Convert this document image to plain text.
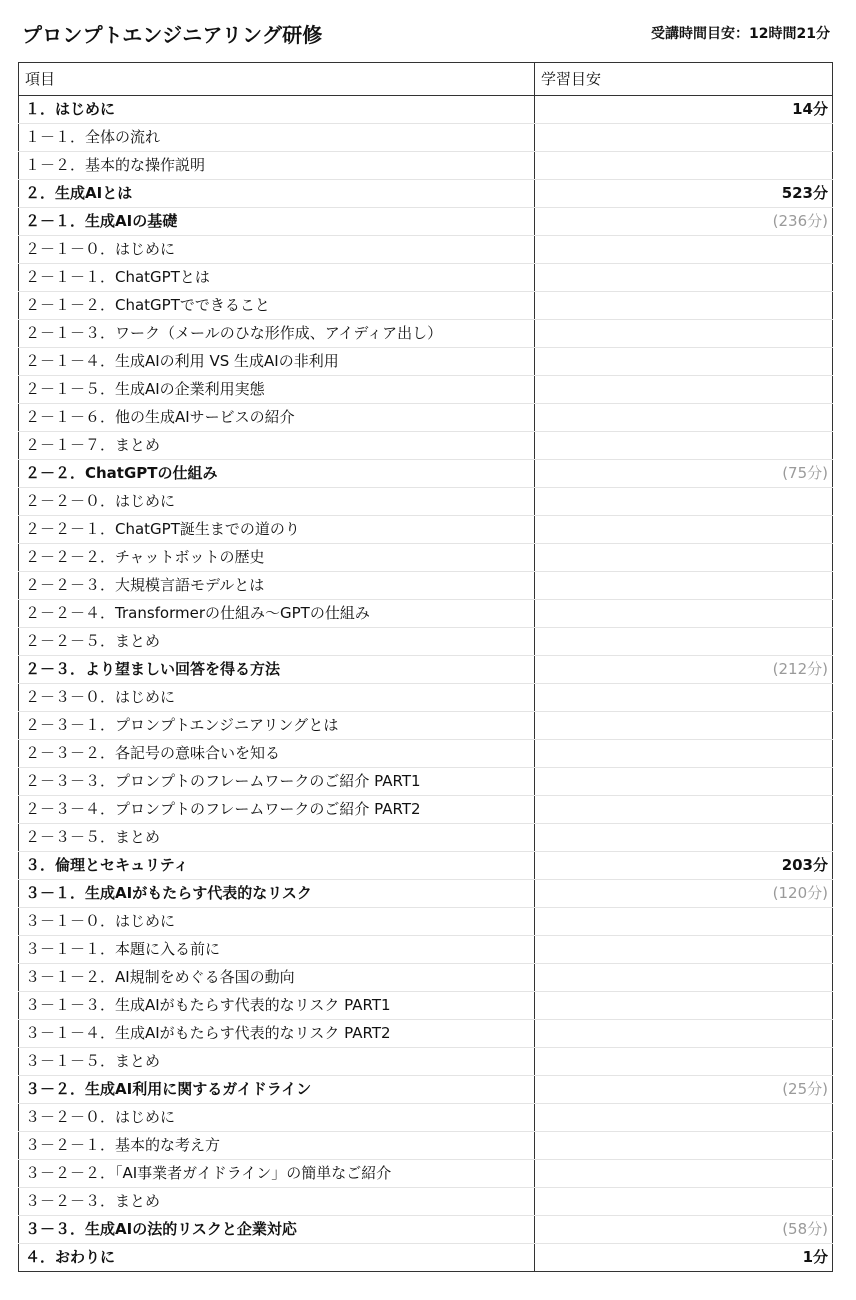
プロンプトエンジニアリング研修	受講時間目安：12時間21分
項目	学習目安
１．はじめに	14分
１－１．全体の流れ	
１－２．基本的な操作説明	
２．生成AIとは	523分
２－１．生成AIの基礎	(236分)
２－１－０．はじめに	
２－１－１．ChatGPTとは	
２－１－２．ChatGPTでできること	
２－１－３．ワーク（メールのひな形作成、アイディア出し）	
２－１－４．生成AIの利用 VS 生成AIの非利用	
２－１－５．生成AIの企業利用実態	
２－１－６．他の生成AIサービスの紹介	
２－１－７．まとめ	
２－２．ChatGPTの仕組み	(75分)
２－２－０．はじめに	
２－２－１．ChatGPT誕生までの道のり	
２－２－２．チャットボットの歴史	
２－２－３．大規模言語モデルとは	
２－２－４．Transformerの仕組み～GPTの仕組み	
２－２－５．まとめ	
２－３．より望ましい回答を得る方法	(212分)
２－３－０．はじめに	
２－３－１．プロンプトエンジニアリングとは	
２－３－２．各記号の意味合いを知る	
２－３－３．プロンプトのフレームワークのご紹介 PART1	
２－３－４．プロンプトのフレームワークのご紹介 PART2	
２－３－５．まとめ	
３．倫理とセキュリティ	203分
３－１．生成AIがもたらす代表的なリスク	(120分)
３－１－０．はじめに	
３－１－１．本題に入る前に	
３－１－２．AI規制をめぐる各国の動向	
３－１－３．生成AIがもたらす代表的なリスク PART1	
３－１－４．生成AIがもたらす代表的なリスク PART2	
３－１－５．まとめ	
３－２．生成AI利用に関するガイドライン	(25分)
３－２－０．はじめに	
３－２－１．基本的な考え方	
３－２－２．「AI事業者ガイドライン」の簡単なご紹介	
３－２－３．まとめ	
３－３．生成AIの法的リスクと企業対応	(58分)
４．おわりに	1分
